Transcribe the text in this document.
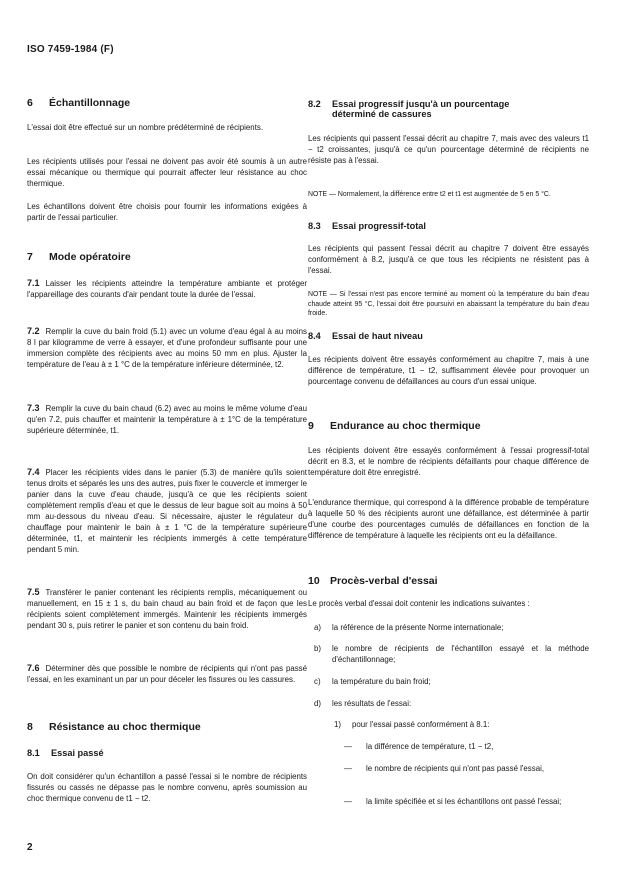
ISO 7459-1984 (F)
6 Échantillonnage

L'essai doit être effectué sur un nombre prédéterminé de récipients.

Les récipients utilisés pour l'essai ne doivent pas avoir été soumis à un autre essai mécanique ou thermique qui pourrait affecter leur résistance au choc thermique.

Les échantillons doivent être choisis pour fournir les informations exigées à partir de l'essai particulier.

7 Mode opératoire

7.1 Laisser les récipients atteindre la température ambiante et protéger l'appareillage des courants d'air pendant toute la durée de l'essai.

7.2 Remplir la cuve du bain froid (5.1) avec un volume d'eau égal à au moins 8 l par kilogramme de verre à essayer, et d'une profondeur suffisante pour une immersion complète des récipients avec au moins 50 mm en plus. Ajuster la température de l'eau à ± 1 °C de la température inférieure déterminée, t2.

7.3 Remplir la cuve du bain chaud (6.2) avec au moins le même volume d'eau qu'en 7.2, puis chauffer et maintenir la température à ± 1°C de la température supérieure déterminée, t1.

7.4 Placer les récipients vides dans le panier (5.3) de manière qu'ils soient tenus droits et séparés les uns des autres, puis fixer le couvercle et immerger le panier dans la cuve d'eau chaude, jusqu'à ce que les récipients soient complètement remplis d'eau et que le dessus de leur bague soit au moins à 50 mm au-dessous du niveau d'eau. Si nécessaire, ajuster le régulateur du chauffage pour maintenir le bain à ± 1 °C de la température supérieure déterminée, t1, et maintenir les récipients immergés à cette température pendant 5 min.

7.5 Transférer le panier contenant les récipients remplis, mécaniquement ou manuellement, en 15 ± 1 s, du bain chaud au bain froid et de façon que les récipients soient complètement immergés. Maintenir les récipients immergés pendant 30 s, puis retirer le panier et son contenu du bain froid.

7.6 Déterminer dès que possible le nombre de récipients qui n'ont pas passé l'essai, en les examinant un par un pour déceler les fissures ou les cassures.

8 Résistance au choc thermique
8.1 Essai passé

On doit considérer qu'un échantillon a passé l'essai si le nombre de récipients fissurés ou cassés ne dépasse pas le nombre convenu, après soumission au choc thermique convenu de t1 − t2.

8.2 Essai progressif jusqu'à un pourcentage
déterminé de cassures

Les récipients qui passent l'essai décrit au chapitre 7, mais avec des valeurs t1 − t2 croissantes, jusqu'à ce qu'un pourcentage déterminé de récipients ne résiste pas à l'essai.

NOTE — Normalement, la différence entre t2 et t1 est augmentée de 5 en 5 °C.

8.3 Essai progressif-total

Les récipients qui passent l'essai décrit au chapitre 7 doivent être essayés conformément à 8.2, jusqu'à ce que tous les récipients ne résistent pas à l'essai.

NOTE — Si l'essai n'est pas encore terminé au moment où la température du bain d'eau chaude atteint 95 °C, l'essai doit être poursuivi en abaissant la température du bain d'eau froide.

8.4 Essai de haut niveau

Les récipients doivent être essayés conformément au chapitre 7, mais à une différence de température, t1 − t2, suffisamment élevée pour provoquer un pourcentage convenu de défaillances au cours d'un essai unique.

9 Endurance au choc thermique

Les récipients doivent être essayés conformément à l'essai progressif-total décrit en 8.3, et le nombre de récipients défaillants pour chaque différence de température doit être enregistré.

L'endurance thermique, qui correspond à la différence probable de température à laquelle 50 % des récipients auront une défaillance, est déterminée à partir d'une courbe des pourcentages cumulés de défaillances en fonction de la différence de température à laquelle les récipients ont eu la défaillance.

10 Procès-verbal d'essai

Le procès verbal d'essai doit contenir les indications suivantes :

a) la référence de la présente Norme internationale;
b)	le nombre de récipients de l'échantillon essayé et la méthode d'échantillonnage;
c) la température du bain froid;
d) les résultats de l'essai:
1) pour l'essai passé conformément à 8.1:
—	la différence de température, t1 − t2,
—	le nombre de récipients qui n'ont pas passé l'essai,
—	la limite spécifiée et si les échantillons ont passé l'essai;
2
